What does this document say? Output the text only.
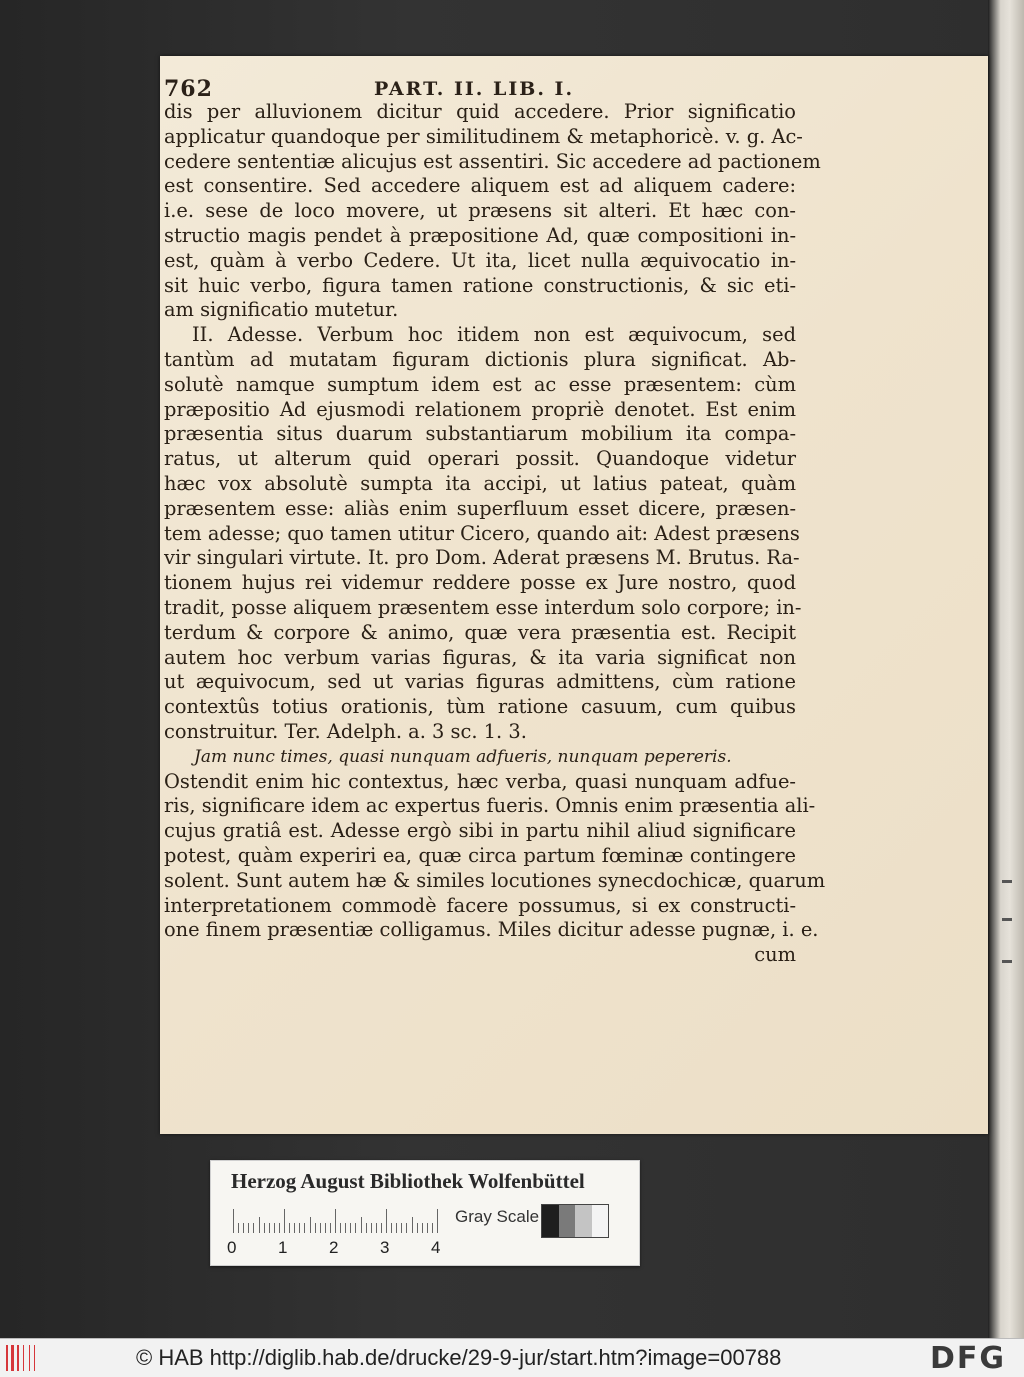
762	PART. II. LIB. I.
dis per alluvionem dicitur quid accedere. Prior significatio
applicatur quandoque per similitudinem & metaphoricè. v. g. Ac-
cedere sententiæ alicujus est assentiri. Sic accedere ad pactionem
est consentire. Sed accedere aliquem est ad aliquem cadere:
i.e. sese de loco movere, ut præsens sit alteri. Et hæc con-
structio magis pendet à præpositione Ad, quæ compositioni in-
est, quàm à verbo Cedere. Ut ita, licet nulla æquivocatio in-
sit huic verbo, figura tamen ratione constructionis, & sic eti-
am significatio mutetur.
II. Adesse. Verbum hoc itidem non est æquivocum, sed
tantùm ad mutatam figuram dictionis plura significat. Ab-
solutè namque sumptum idem est ac esse præsentem: cùm
præpositio Ad ejusmodi relationem propriè denotet. Est enim
præsentia situs duarum substantiarum mobilium ita compa-
ratus, ut alterum quid operari possit. Quandoque videtur
hæc vox absolutè sumpta ita accipi, ut latius pateat, quàm
præsentem esse: aliàs enim superfluum esset dicere, præsen-
tem adesse; quo tamen utitur Cicero, quando ait: Adest præsens
vir singulari virtute. It. pro Dom. Aderat præsens M. Brutus. Ra-
tionem hujus rei videmur reddere posse ex Jure nostro, quod
tradit, posse aliquem præsentem esse interdum solo corpore; in-
terdum & corpore & animo, quæ vera præsentia est. Recipit
autem hoc verbum varias figuras, & ita varia significat non
ut æquivocum, sed ut varias figuras admittens, cùm ratione
contextûs totius orationis, tùm ratione casuum, cum quibus
construitur. Ter. Adelph. a. 3 sc. 1. 3.
Jam nunc times, quasi nunquam adfueris, nunquam pepereris.
Ostendit enim hic contextus, hæc verba, quasi nunquam adfue-
ris, significare idem ac expertus fueris. Omnis enim præsentia ali-
cujus gratiâ est. Adesse ergò sibi in partu nihil aliud significare
potest, quàm experiri ea, quæ circa partum fœminæ contingere
solent. Sunt autem hæ & similes locutiones synecdochicæ, quarum
interpretationem commodè facere possumus, si ex constructi-
one finem præsentiæ colligamus. Miles dicitur adesse pugnæ, i. e.
cum
Herzog August Bibliothek Wolfenbüttel
0 1 2 3 4
Gray Scale
© HAB http://diglib.hab.de/drucke/29-9-jur/start.htm?image=00788	DFG
